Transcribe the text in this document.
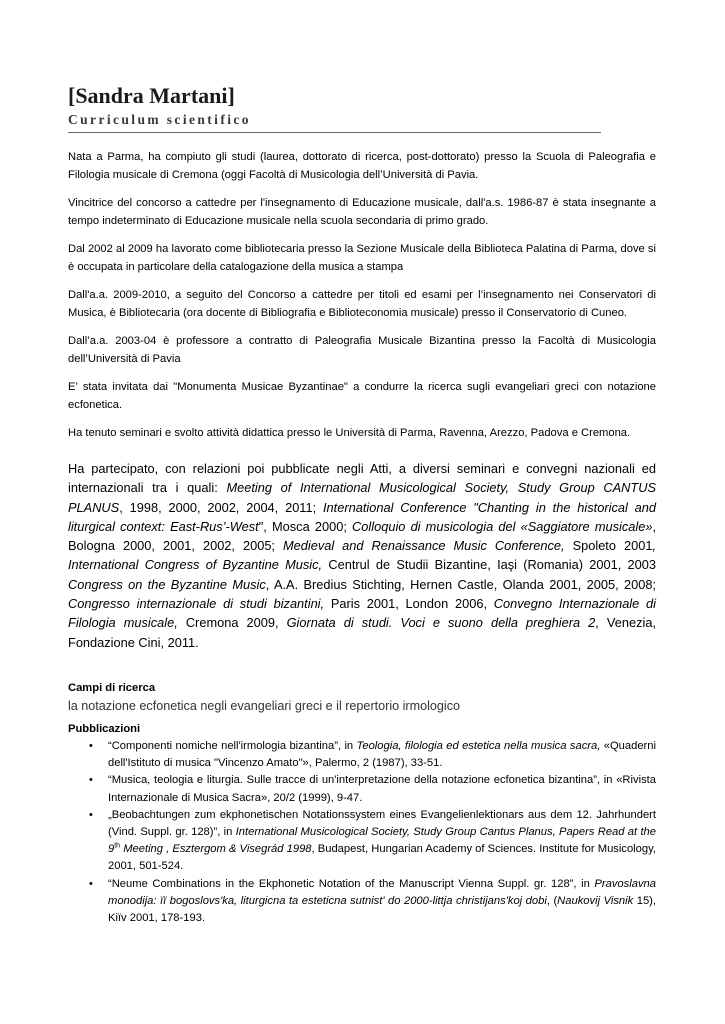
[Sandra Martani]
Curriculum scientifico

Nata a Parma, ha compiuto gli studi (laurea, dottorato di ricerca, post-dottorato) presso la Scuola di Paleografia e Filologia musicale di Cremona (oggi Facoltà di Musicologia dell’Università di Pavia.

Vincitrice del concorso a cattedre per l'insegnamento di Educazione musicale, dall'a.s. 1986-87 è stata insegnante a tempo indeterminato di Educazione musicale nella scuola secondaria di primo grado.

Dal 2002 al 2009 ha lavorato come bibliotecaria presso la Sezione Musicale della Biblioteca Palatina di Parma, dove si è occupata in particolare della catalogazione della musica a stampa

Dall'a.a. 2009-2010, a seguito del Concorso a cattedre per titoli ed esami per l’insegnamento nei Conservatori di Musica, è Bibliotecaria (ora docente di Bibliografia e Biblioteconomia musicale) presso il Conservatorio di Cuneo.

Dall’a.a. 2003-04 è professore a contratto di Paleografia Musicale Bizantina presso la Facoltà di Musicologia dell’Università di Pavia

E’ stata invitata dai "Monumenta Musicae Byzantinae" a condurre la ricerca sugli evangeliari greci con notazione ecfonetica.

Ha tenuto seminari e svolto attività didattica presso le Università di Parma, Ravenna, Arezzo, Padova e Cremona.

Ha partecipato, con relazioni poi pubblicate negli Atti, a diversi seminari e convegni nazionali ed internazionali tra i quali: Meeting of International Musicological Society, Study Group CANTUS PLANUS, 1998, 2000, 2002, 2004, 2011; International Conference "Chanting in the historical and liturgical context: East-Rus’-West", Mosca 2000; Colloquio di musicologia del «Saggiatore musicale», Bologna 2000, 2001, 2002, 2005; Medieval and Renaissance Music Conference, Spoleto 2001, International Congress of Byzantine Music, Centrul de Studii Bizantine, Iaşi (Romania) 2001, 2003 Congress on the Byzantine Music, A.A. Bredius Stichting, Hernen Castle, Olanda 2001, 2005, 2008; Congresso internazionale di studi bizantini, Paris 2001, London 2006, Convegno Internazionale di Filologia musicale, Cremona 2009, Giornata di studi. Voci e suono della preghiera 2, Venezia, Fondazione Cini, 2011.

Campi di ricerca

la notazione ecfonetica negli evangeliari greci e il repertorio irmologico

Pubblicazioni

• “Componenti nomiche nell'irmologia bizantina”, in Teologia, filologia ed estetica nella musica sacra, «Quaderni dell'Istituto di musica "Vincenzo Amato"», Palermo, 2 (1987), 33-51.
• “Musica, teologia e liturgia. Sulle tracce di un'interpretazione della notazione ecfonetica bizantina”, in «Rivista Internazionale di Musica Sacra», 20/2 (1999), 9-47.
• „Beobachtungen zum ekphonetischen Notationssystem eines Evangelienlektionars aus dem 12. Jahrhundert (Vind. Suppl. gr. 128)”, in International Musicological Society, Study Group Cantus Planus, Papers Read at the 9th Meeting , Esztergom & Visegrád 1998, Budapest, Hungarian Academy of Sciences. Institute for Musicology, 2001, 501-524.
• “Neume Combinations in the Ekphonetic Notation of the Manuscript Vienna Suppl. gr. 128”, in Pravoslavna monodija: ïï bogoslovs'ka, liturgicna ta esteticna sutnist' do 2000-littja christijans'koj dobi, (Naukovij Visnik 15), Kiïv 2001, 178-193.
